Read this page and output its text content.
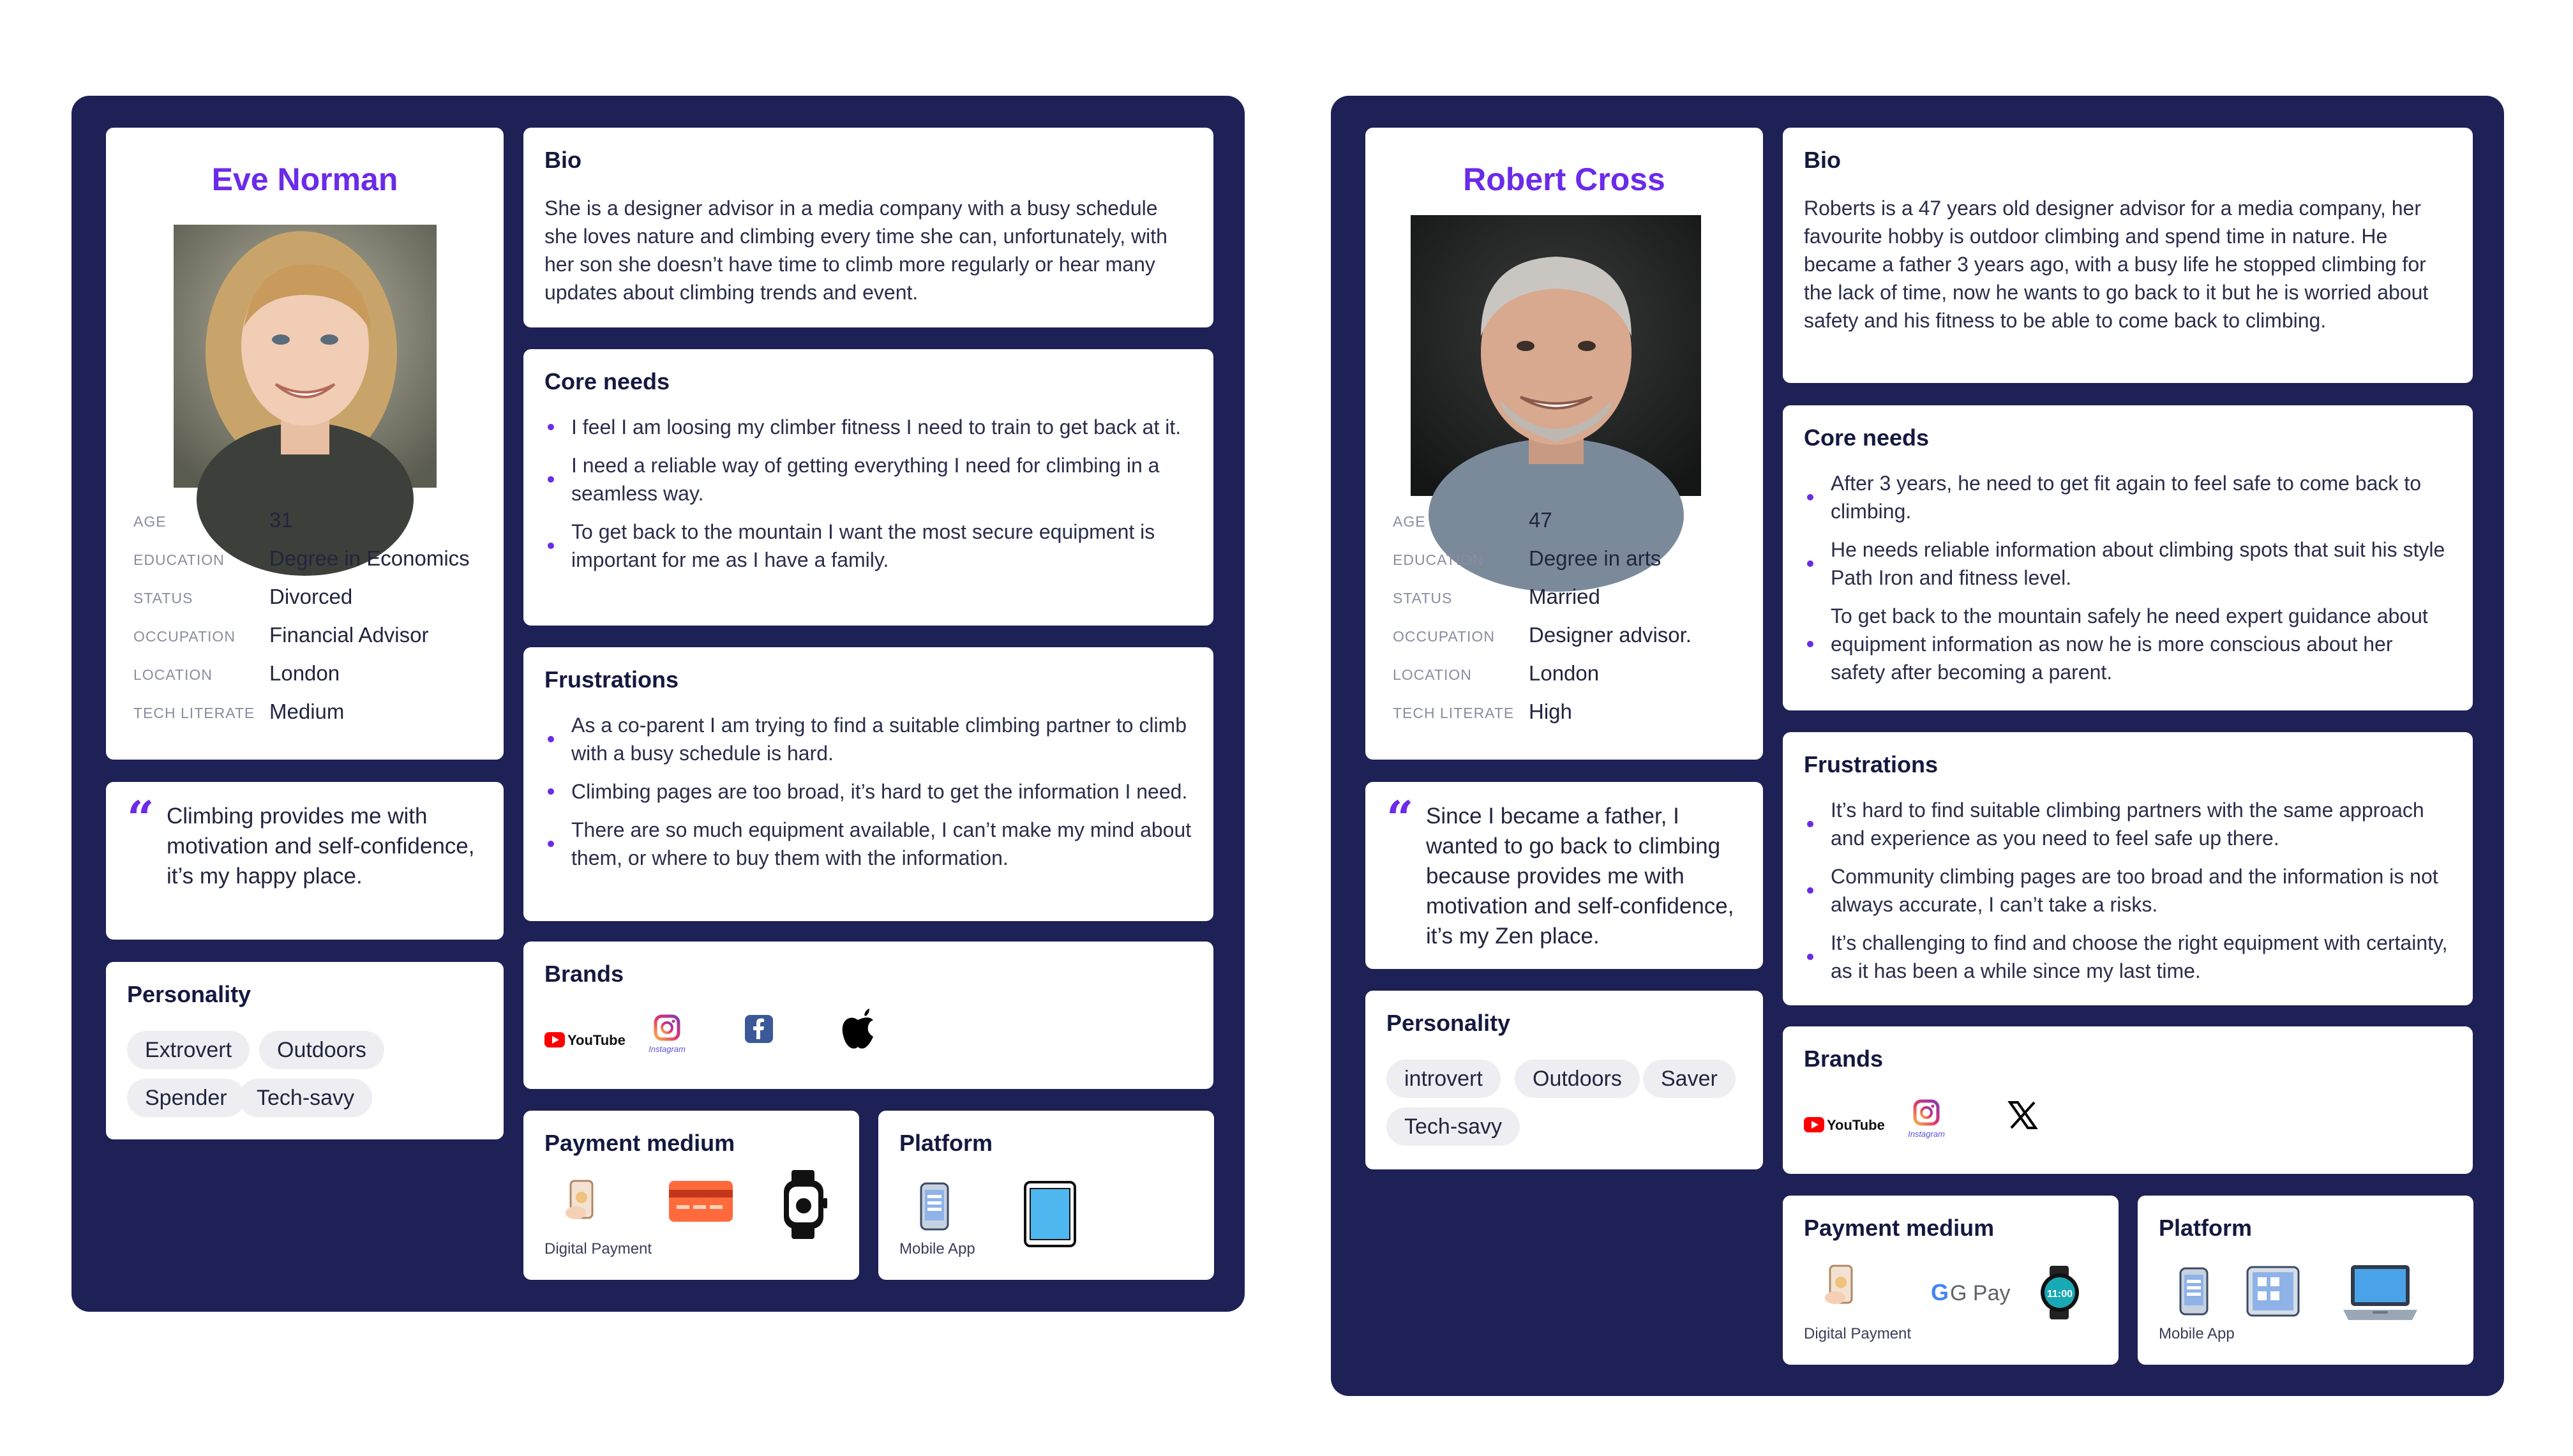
Eve Norman
AGE	31
EDUCATION Degree in Economics
STATUS	Divorced
OCCUPATION Financial Advisor
LOCATION	London
TECH LITERATE Medium
“ Climbing provides me with motivation and self-confidence, it’s my happy place.
Personality
Extrovert	Outdoors
Spender	Tech-savy
Bio
She is a designer advisor in a media company with a busy schedule she loves nature and climbing every time she can, unfortunately, with her son she doesn’t have time to climb more regularly or hear many updates about climbing trends and event.
Core needs
I feel I am loosing my climber fitness I need to train to get back at it.
I need a reliable way of getting everything I need for climbing in a seamless way.
To get back to the mountain I want the most secure equipment is important for me as I have a family.
Frustrations
As a co-parent I am trying to find a suitable climbing partner to climb with a busy schedule is hard.
Climbing pages are too broad, it’s hard to get the information I need.
There are so much equipment available, I can’t make my mind about them, or where to buy them with the information.
Brands
YouTube
Instagram
Payment medium
Digital Payment
Platform
Mobile App
Robert Cross
AGE	47
EDUCATION Degree in arts
STATUS	Married
OCCUPATION Designer advisor.
LOCATION	London
TECH LITERATE High
“ Since I became a father, I wanted to go back to climbing because provides me with motivation and self-confidence, it’s my Zen place.
Personality
introvert	Outdoors	Saver
Tech-savy
Bio
Roberts is a 47 years old designer advisor for a media company, her favourite hobby is outdoor climbing and spend time in nature. He became a father 3 years ago, with a busy life he stopped climbing for the lack of time, now he wants to go back to it but he is worried about safety and his fitness to be able to come back to climbing.
Core needs
After 3 years, he need to get fit again to feel safe to come back to climbing.
He needs reliable information about climbing spots that suit his style Path Iron and fitness level.
To get back to the mountain safely he need expert guidance about equipment information as now he is more conscious about her safety after becoming a parent.
Frustrations
It’s hard to find suitable climbing partners with the same approach and experience as you need to feel safe up there.
Community climbing pages are too broad and the information is not always accurate, I can’t take a risks.
It’s challenging to find and choose the right equipment with certainty, as it has been a while since my last time.
Brands
YouTube
Instagram
Payment medium
Digital Payment
G G Pay	11:00
Platform
Mobile App
